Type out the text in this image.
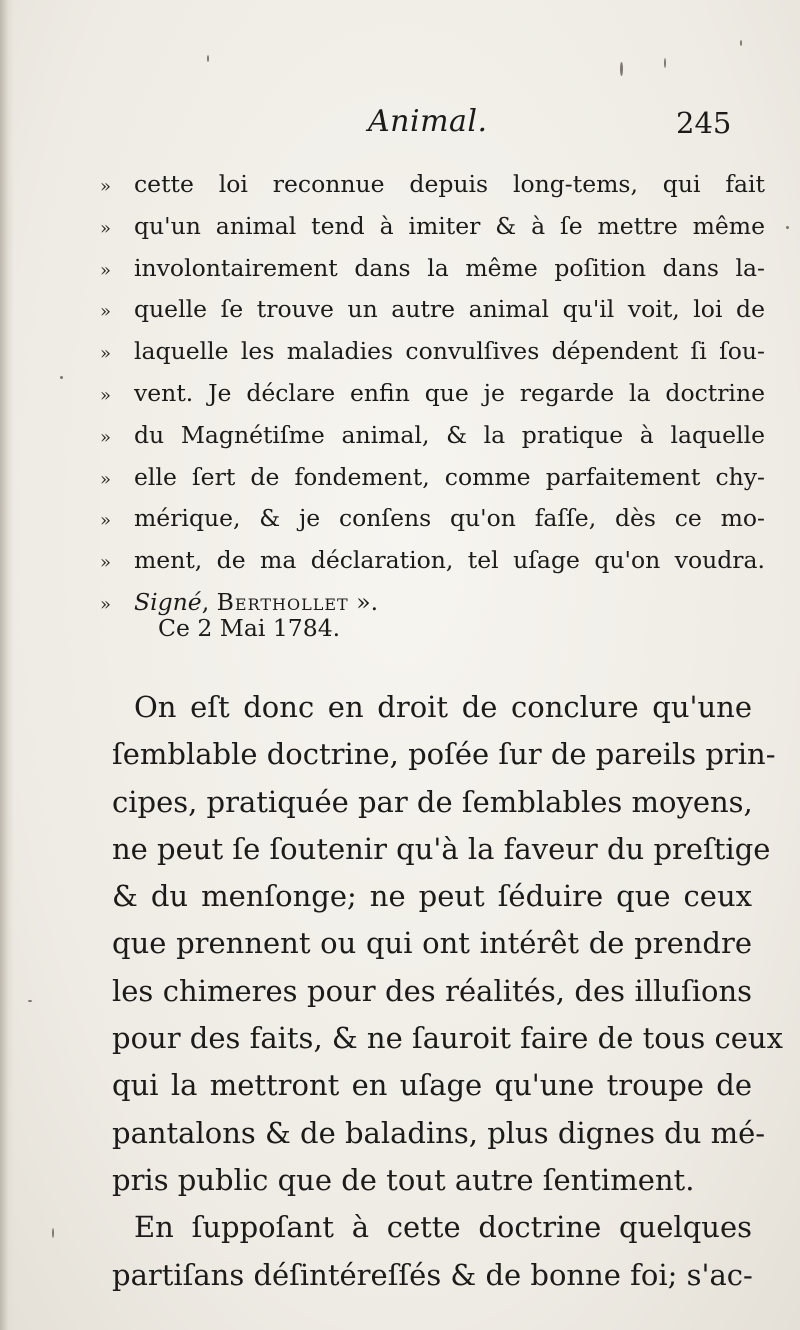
Animal.	245
» cette loi reconnue depuis long-tems, qui fait
» qu'un animal tend à imiter & à ſe mettre même
» involontairement dans la même poſition dans la-
» quelle ſe trouve un autre animal qu'il voit, loi de
» laquelle les maladies convulſives dépendent ſi ſou-
» vent. Je déclare enfin que je regarde la doctrine
» du Magnétiſme animal, & la pratique à laquelle
» elle ſert de fondement, comme parfaitement chy-
» mérique, & je conſens qu'on faſſe, dès ce mo-
» ment, de ma déclaration, tel uſage qu'on voudra.
» Signé, Berthollet ».
Ce 2 Mai 1784.
On eſt donc en droit de conclure qu'une
ſemblable doctrine, poſée ſur de pareils prin-
cipes, pratiquée par de ſemblables moyens,
ne peut ſe ſoutenir qu'à la faveur du preſtige
& du menſonge; ne peut ſéduire que ceux
que prennent ou qui ont intérêt de prendre
les chimeres pour des réalités, des illuſions
pour des faits, & ne ſauroit faire de tous ceux
qui la mettront en uſage qu'une troupe de
pantalons & de baladins, plus dignes du mé-
pris public que de tout autre ſentiment.
En ſuppoſant à cette doctrine quelques
partiſans déſintéreſſés & de bonne foi; s'ac-
